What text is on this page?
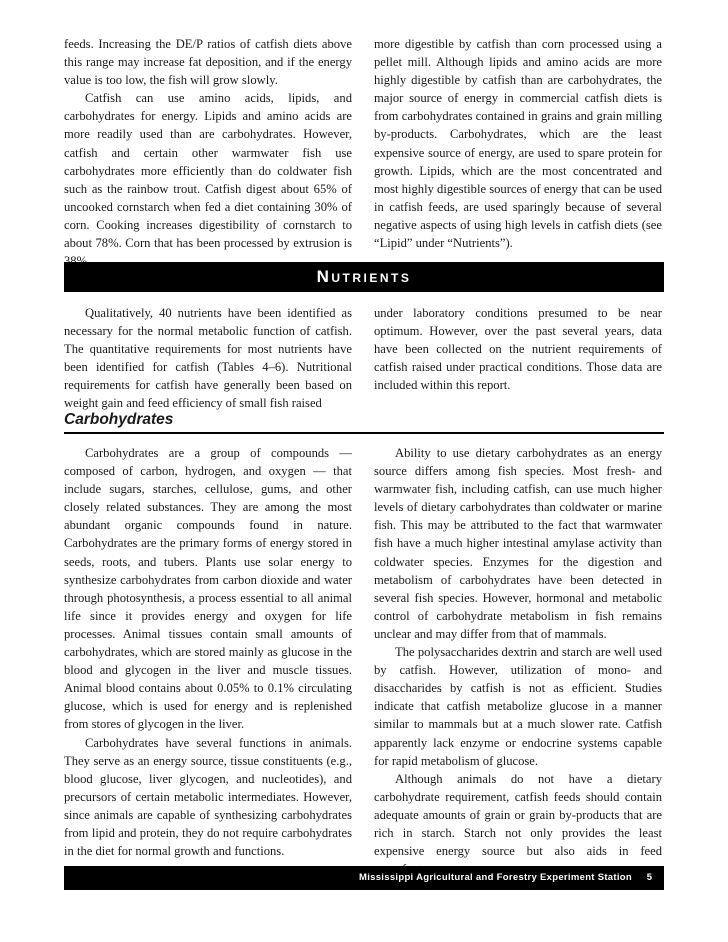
feeds. Increasing the DE/P ratios of catfish diets above this range may increase fat deposition, and if the energy value is too low, the fish will grow slowly.

Catfish can use amino acids, lipids, and carbohydrates for energy. Lipids and amino acids are more readily used than are carbohydrates. However, catfish and certain other warmwater fish use carbohydrates more efficiently than do coldwater fish such as the rainbow trout. Catfish digest about 65% of uncooked cornstarch when fed a diet containing 30% of corn. Cooking increases digestibility of cornstarch to about 78%. Corn that has been processed by extrusion is

more digestible by catfish than corn processed using a pellet mill. Although lipids and amino acids are more highly digestible by catfish than are carbohydrates, the major source of energy in commercial catfish diets is from carbohydrates contained in grains and grain milling by-products. Carbohydrates, which are the least expensive source of energy, are used to spare protein for growth. Lipids, which are the most concentrated and most highly digestible sources of energy that can be used in catfish feeds, are used sparingly because of several negative aspects of using high levels in catfish diets (see “Lipid” under “Nutrients”).

Nutrients

Qualitatively, 40 nutrients have been identified as necessary for the normal metabolic function of catfish. The quantitative requirements for most nutrients have been identified for catfish (Tables 4–6). Nutritional requirements for catfish have generally been based on weight gain and feed efficiency of small fish raised

under laboratory conditions presumed to be near optimum. However, over the past several years, data have been collected on the nutrient requirements of catfish raised under practical conditions. Those data are included within this report.

Carbohydrates

Carbohydrates are a group of compounds — composed of carbon, hydrogen, and oxygen — that include sugars, starches, cellulose, gums, and other closely related substances. They are among the most abundant organic compounds found in nature. Carbohydrates are the primary forms of energy stored in seeds, roots, and tubers. Plants use solar energy to synthesize carbohydrates from carbon dioxide and water through photosynthesis, a process essential to all animal life since it provides energy and oxygen for life processes. Animal tissues contain small amounts of carbohydrates, which are stored mainly as glucose in the blood and glycogen in the liver and muscle tissues. Animal blood contains about 0.05% to 0.1% circulating glucose, which is used for energy and is replenished from stores of glycogen in the liver.

Carbohydrates have several functions in animals. They serve as an energy source, tissue constituents (e.g., blood glucose, liver glycogen, and nucleotides), and precursors of certain metabolic intermediates. However, since animals are capable of synthesizing carbohydrates from lipid and protein, they do not require carbohydrates in the diet for normal growth and functions.

Ability to use dietary carbohydrates as an energy source differs among fish species. Most fresh- and warmwater fish, including catfish, can use much higher levels of dietary carbohydrates than coldwater or marine fish. This may be attributed to the fact that warmwater fish have a much higher intestinal amylase activity than coldwater species. Enzymes for the digestion and metabolism of carbohydrates have been detected in several fish species. However, hormonal and metabolic control of carbohydrate metabolism in fish remains unclear and may differ from that of mammals.

The polysaccharides dextrin and starch are well used by catfish. However, utilization of mono- and disaccharides by catfish is not as efficient. Studies indicate that catfish metabolize glucose in a manner similar to mammals but at a much slower rate. Catfish apparently lack enzyme or endocrine systems capable for rapid metabolism of glucose.

Although animals do not have a dietary carbohydrate requirement, catfish feeds should contain adequate amounts of grain or grain by-products that are rich in starch. Starch not only provides the least expensive energy source but also aids in feed

Mississippi Agricultural and Forestry Experiment Station 5
